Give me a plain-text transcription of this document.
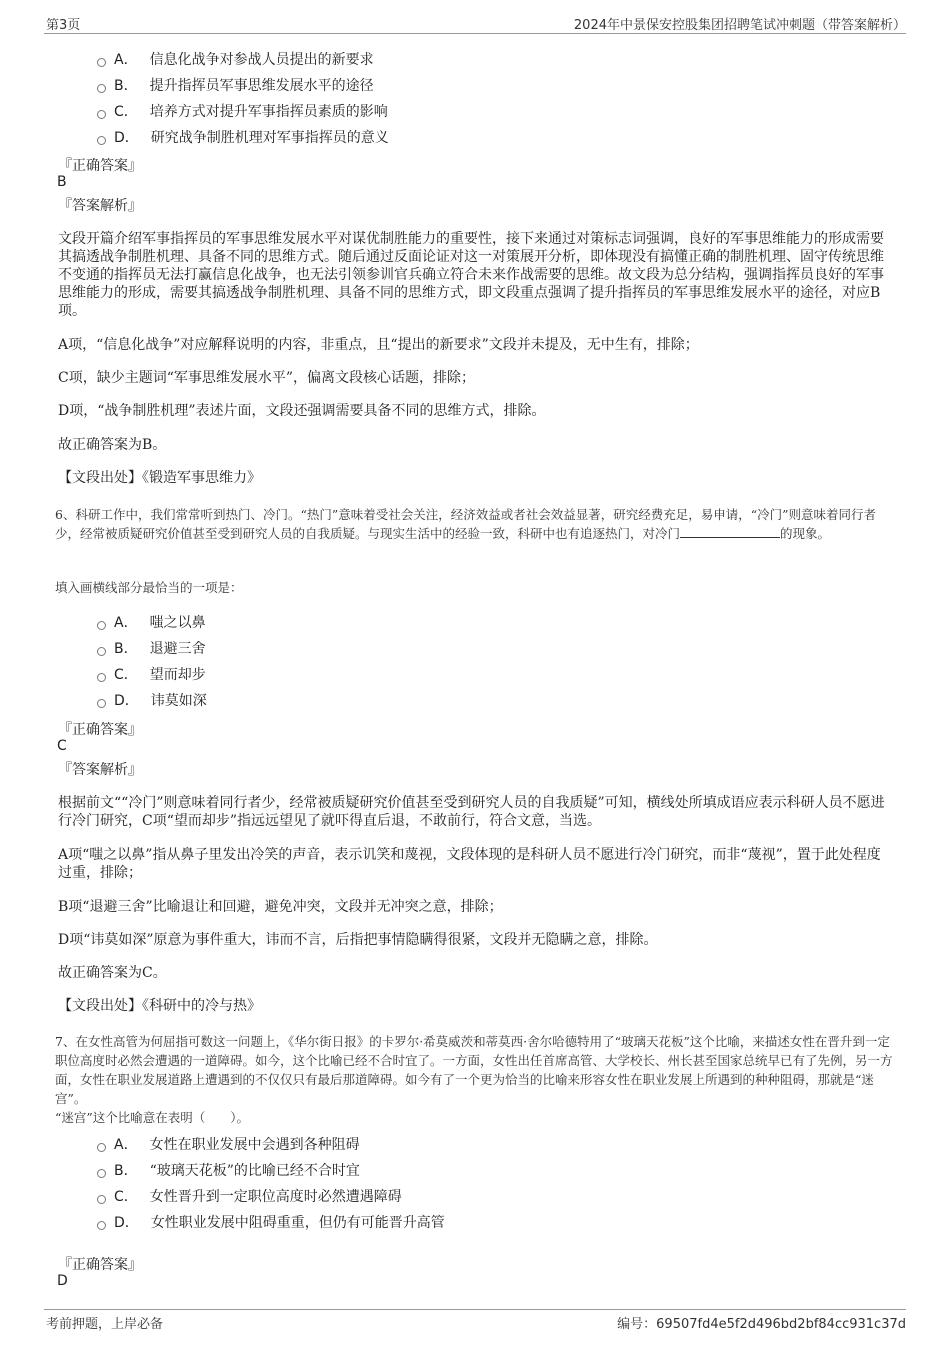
第3页	2024年中景保安控股集团招聘笔试冲刺题（带答案解析）
A． 信息化战争对参战人员提出的新要求
B． 提升指挥员军事思维发展水平的途径
C． 培养方式对提升军事指挥员素质的影响
D． 研究战争制胜机理对军事指挥员的意义
『正确答案』
B
『答案解析』
文段开篇介绍军事指挥员的军事思维发展水平对谋优制胜能力的重要性，接下来通过对策标志词强调，良好的军事思维能力的形成需要其搞透战争制胜机理、具备不同的思维方式。随后通过反面论证对这一对策展开分析，即体现没有搞懂正确的制胜机理、固守传统思维不变通的指挥员无法打赢信息化战争，也无法引领参训官兵确立符合未来作战需要的思维。故文段为总分结构，强调指挥员良好的军事思维能力的形成，需要其搞透战争制胜机理、具备不同的思维方式，即文段重点强调了提升指挥员的军事思维发展水平的途径，对应B项。
A项，“信息化战争”对应解释说明的内容，非重点，且“提出的新要求”文段并未提及，无中生有，排除；
C项，缺少主题词“军事思维发展水平”，偏离文段核心话题，排除；
D项，“战争制胜机理”表述片面，文段还强调需要具备不同的思维方式，排除。
故正确答案为B。
【文段出处】《锻造军事思维力》
6、科研工作中，我们常常听到热门、冷门。“热门”意味着受社会关注，经济效益或者社会效益显著，研究经费充足，易申请，“冷门”则意味着同行者少，经常被质疑研究价值甚至受到研究人员的自我质疑。与现实生活中的经验一致，科研中也有追逐热门，对冷门	的现象。
填入画横线部分最恰当的一项是：
A． 嗤之以鼻
B． 退避三舍
C． 望而却步
D． 讳莫如深
『正确答案』
C
『答案解析』
根据前文““冷门”则意味着同行者少，经常被质疑研究价值甚至受到研究人员的自我质疑”可知，横线处所填成语应表示科研人员不愿进行冷门研究，C项“望而却步”指远远望见了就吓得直后退，不敢前行，符合文意，当选。
A项“嗤之以鼻”指从鼻子里发出冷笑的声音，表示讥笑和蔑视，文段体现的是科研人员不愿进行冷门研究，而非“蔑视”，置于此处程度过重，排除；
B项“退避三舍”比喻退让和回避，避免冲突，文段并无冲突之意，排除；
D项“讳莫如深”原意为事件重大，讳而不言，后指把事情隐瞒得很紧，文段并无隐瞒之意，排除。
故正确答案为C。
【文段出处】《科研中的冷与热》
7、在女性高管为何屈指可数这一问题上，《华尔街日报》的卡罗尔·希莫威茨和蒂莫西·舍尔哈德特用了“玻璃天花板”这个比喻，来描述女性在晋升到一定职位高度时必然会遭遇的一道障碍。如今，这个比喻已经不合时宜了。一方面，女性出任首席高管、大学校长、州长甚至国家总统早已有了先例，另一方面，女性在职业发展道路上遭遇到的不仅仅只有最后那道障碍。如今有了一个更为恰当的比喻来形容女性在职业发展上所遇到的种种阻碍，那就是“迷宫”。
“迷宫”这个比喻意在表明（　　）。
A． 女性在职业发展中会遇到各种阻碍
B． “玻璃天花板”的比喻已经不合时宜
C． 女性晋升到一定职位高度时必然遭遇障碍
D． 女性职业发展中阻碍重重，但仍有可能晋升高管
『正确答案』
D
考前押题，上岸必备	编号：69507fd4e5f2d496bd2bf84cc931c37d
